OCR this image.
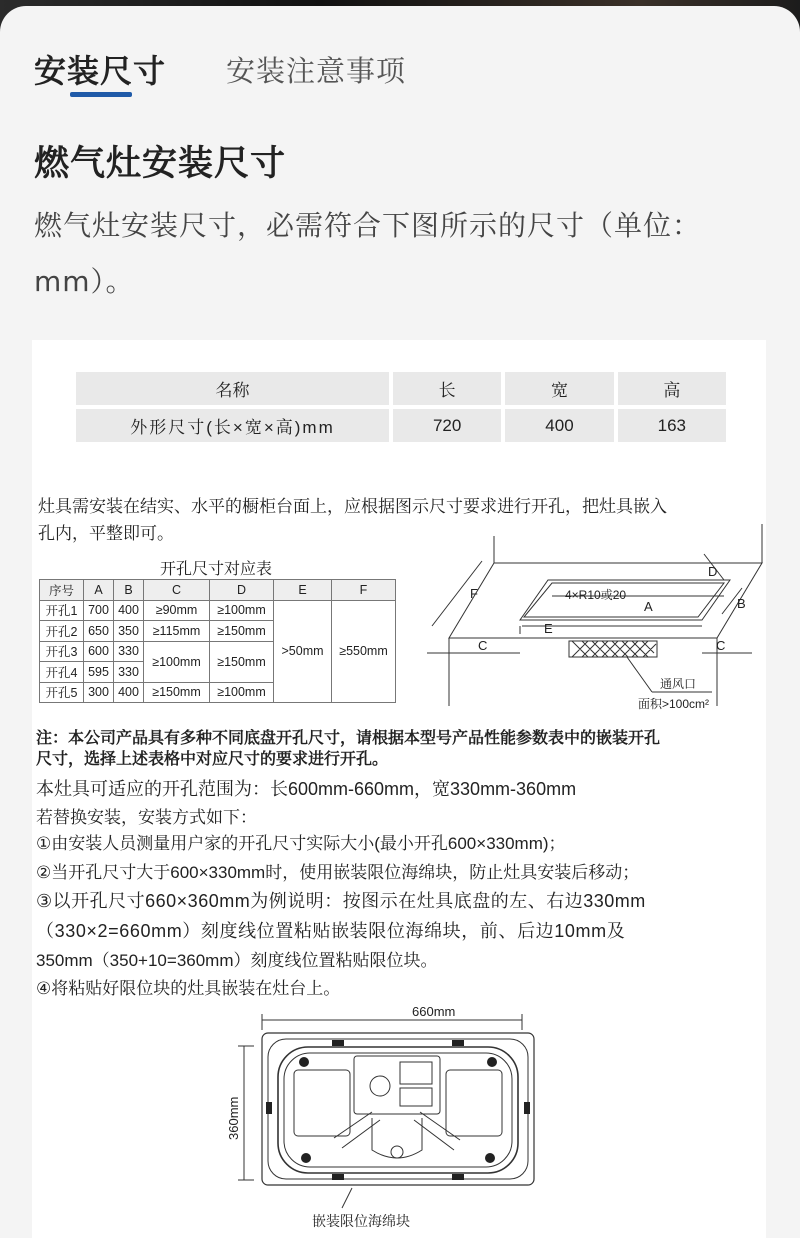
安装尺寸 安装注意事项
燃气灶安装尺寸
燃气灶安装尺寸，必需符合下图所示的尺寸（单位：mm）。
名称	长	宽	高
外形尺寸(长×宽×高)mm	720	400	163
灶具需安装在结实、水平的橱柜台面上，应根据图示尺寸要求进行开孔，把灶具嵌入
孔内，平整即可。
开孔尺寸对应表
序号	A	B	C	D	E	F
开孔1	700	400	≥90mm	≥100mm	>50mm	≥550mm
开孔2	650	350	≥115mm	≥150mm		
开孔3	600	330	≥100mm	≥150mm		
开孔4	595	330				
开孔5	300	400	≥150mm	≥100mm		
F	4×R10或20
A	B
D
E
C	C
通风口
面积>100cm²
注：本公司产品具有多种不同底盘开孔尺寸，请根据本型号产品性能参数表中的嵌装开孔
尺寸，选择上述表格中对应尺寸的要求进行开孔。
本灶具可适应的开孔范围为：长600mm-660mm，宽330mm-360mm
若替换安装，安装方式如下：
①由安装人员测量用户家的开孔尺寸实际大小(最小开孔600×330mm)；
②当开孔尺寸大于600×330mm时，使用嵌装限位海绵块，防止灶具安装后移动；
③以开孔尺寸660×360mm为例说明：按图示在灶具底盘的左、右边330mm
（330×2=660mm）刻度线位置粘贴嵌装限位海绵块，前、后边10mm及
350mm（350+10=360mm）刻度线位置粘贴限位块。
④将粘贴好限位块的灶具嵌装在灶台上。
660mm
360mm
嵌装限位海绵块
